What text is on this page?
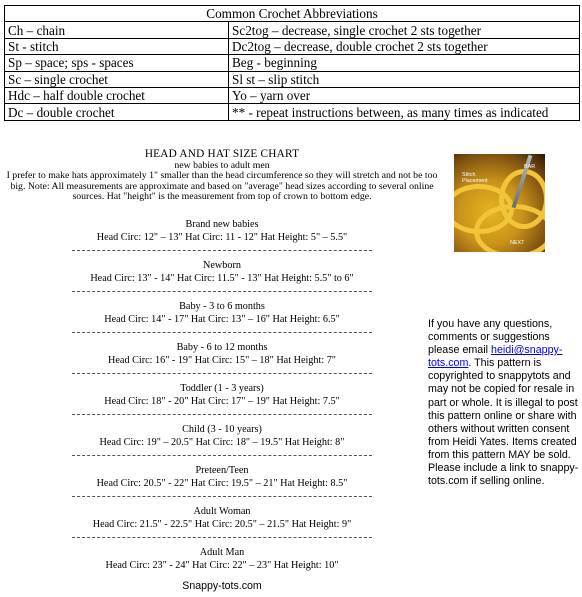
Common Crochet Abbreviations	
Ch – chain	Sc2tog – decrease, single crochet 2 sts together
St - stitch	Dc2tog – decrease, double crochet 2 sts together
Sp – space; sps - spaces	Beg - beginning
Sc – single crochet	Sl st – slip stitch
Hdc – half double crochet	Yo – yarn over
Dc – double crochet	** - repeat instructions between, as many times as indicated
HEAD AND HAT SIZE CHART
new babies to adult men
I prefer to make hats approximately 1" smaller than the head circumference so they will stretch and not be too big. Note: All measurements are approximate and based on "average" head sizes according to several online sources. Hat "height" is the measurement from top of crown to bottom edge.
Brand new babies
Head Circ: 12" – 13" Hat Circ: 11 - 12" Hat Height: 5" – 5.5"
Newborn
Head Circ: 13" - 14" Hat Circ: 11.5" - 13" Hat Height: 5.5" to 6"
Baby - 3 to 6 months
Head Circ: 14" - 17" Hat Circ: 13" – 16" Hat Height: 6.5"
Baby - 6 to 12 months
Head Circ: 16" - 19" Hat Circ: 15" – 18" Hat Height: 7"
Toddler (1 - 3 years)
Head Circ: 18" - 20" Hat Circ: 17" – 19" Hat Height: 7.5"
Child (3 - 10 years)
Head Circ: 19" – 20.5" Hat Circ: 18" – 19.5" Hat Height: 8"
Preteen/Teen
Head Circ: 20.5" - 22" Hat Circ: 19.5" – 21" Hat Height: 8.5"
Adult Woman
Head Circ: 21.5" - 22.5" Hat Circ: 20.5" – 21.5" Hat Height: 9"
Adult Man
Head Circ: 23" - 24" Hat Circ: 22" – 23" Hat Height: 10"
Snappy-tots.com
Stitch Placement
BAR
NEXT
If you have any questions, comments or suggestions please email heidi@snappy-tots.com. This pattern is copyrighted to snappytots and may not be copied for resale in part or whole. It is illegal to post this pattern online or share with others without written consent from Heidi Yates. Items created from this pattern MAY be sold. Please include a link to snappy-tots.com if selling online.
